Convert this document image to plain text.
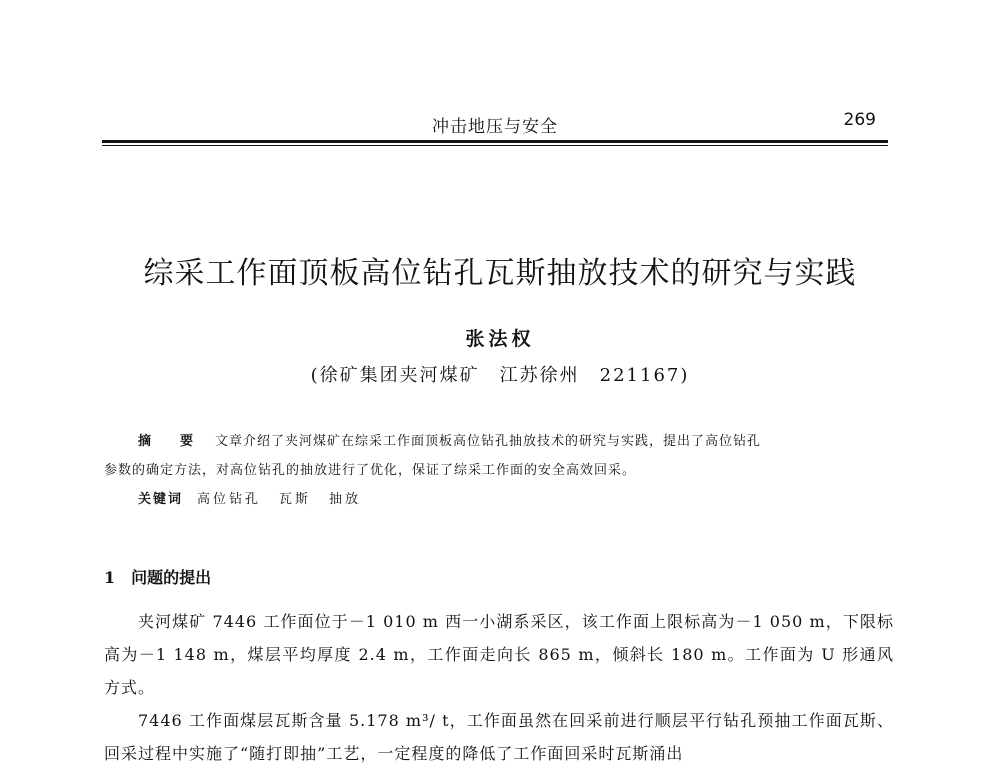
冲击地压与安全	269
综采工作面顶板高位钻孔瓦斯抽放技术的研究与实践
张法权
(徐矿集团夹河煤矿　江苏徐州　221167)
摘　要 文章介绍了夹河煤矿在综采工作面顶板高位钻孔抽放技术的研究与实践，提出了高位钻孔
参数的确定方法，对高位钻孔的抽放进行了优化，保证了综采工作面的安全高效回采。

关键词 高位钻孔 瓦斯 抽放

1 问题的提出

夹河煤矿 7446 工作面位于－1 010 m 西一小湖系采区，该工作面上限标高为－1 050 m，下限标高为－1 148 m，煤层平均厚度 2.4 m，工作面走向长 865 m，倾斜长 180 m。工作面为 U 形通风方式。

7446 工作面煤层瓦斯含量 5.178 m³/ t，工作面虽然在回采前进行顺层平行钻孔预抽工作面瓦斯、回采过程中实施了“随打即抽”工艺，一定程度的降低了工作面回采时瓦斯涌出
